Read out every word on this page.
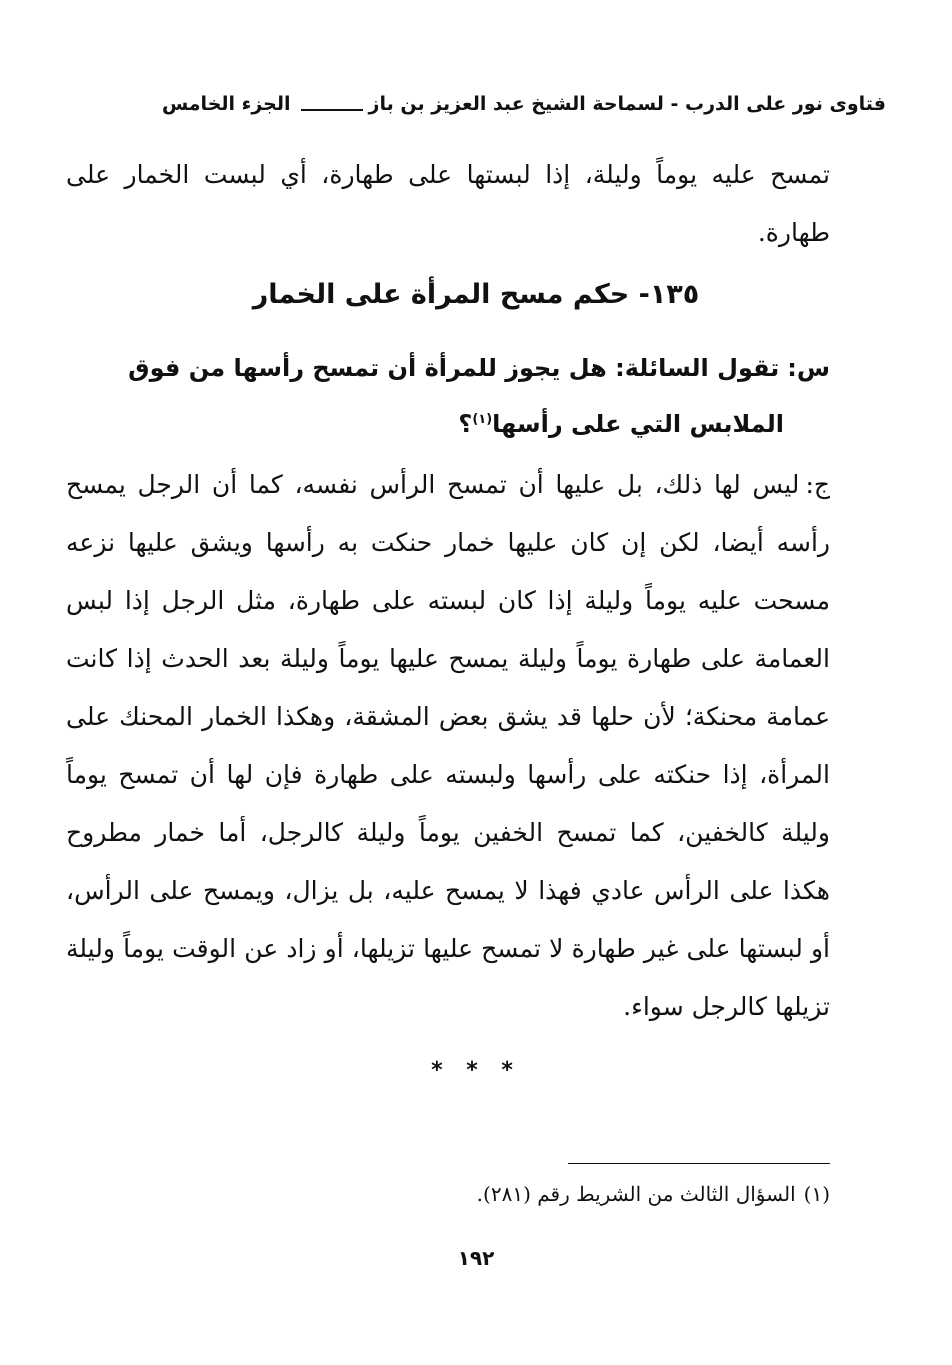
فتاوى نور على الدرب - لسماحة الشيخ عبد العزيز بن باز
الجزء الخامس
تمسح عليه يوماً وليلة، إذا لبستها على طهارة، أي لبست الخمار على طهارة.
١٣٥- حكم مسح المرأة على الخمار
س:تقول السائلة: هل يجوز للمرأة أن تمسح رأسها من فوق
الملابس التي على رأسها$^{(١)}$؟
ج:ليس لها ذلك، بل عليها أن تمسح الرأس نفسه، كما أن الرجل يمسح رأسه أيضا، لكن إن كان عليها خمار حنكت به رأسها ويشق عليها نزعه مسحت عليه يوماً وليلة إذا كان لبسته على طهارة، مثل الرجل إذا لبس العمامة على طهارة يوماً وليلة يمسح عليها يوماً وليلة بعد الحدث إذا كانت عمامة محنكة؛ لأن حلها قد يشق بعض المشقة، وهكذا الخمار المحنك على المرأة، إذا حنكته على رأسها ولبسته على طهارة فإن لها أن تمسح يوماً وليلة كالخفين، كما تمسح الخفين يوماً وليلة كالرجل، أما خمار مطروح هكذا على الرأس عادي فهذا لا يمسح عليه، بل يزال، ويمسح على الرأس، أو لبستها على غير طهارة لا تمسح عليها تزيلها، أو زاد عن الوقت يوماً وليلة تزيلها كالرجل سواء.
* * *
(١)السؤال الثالث من الشريط رقم (٢٨١).
١٩٢
